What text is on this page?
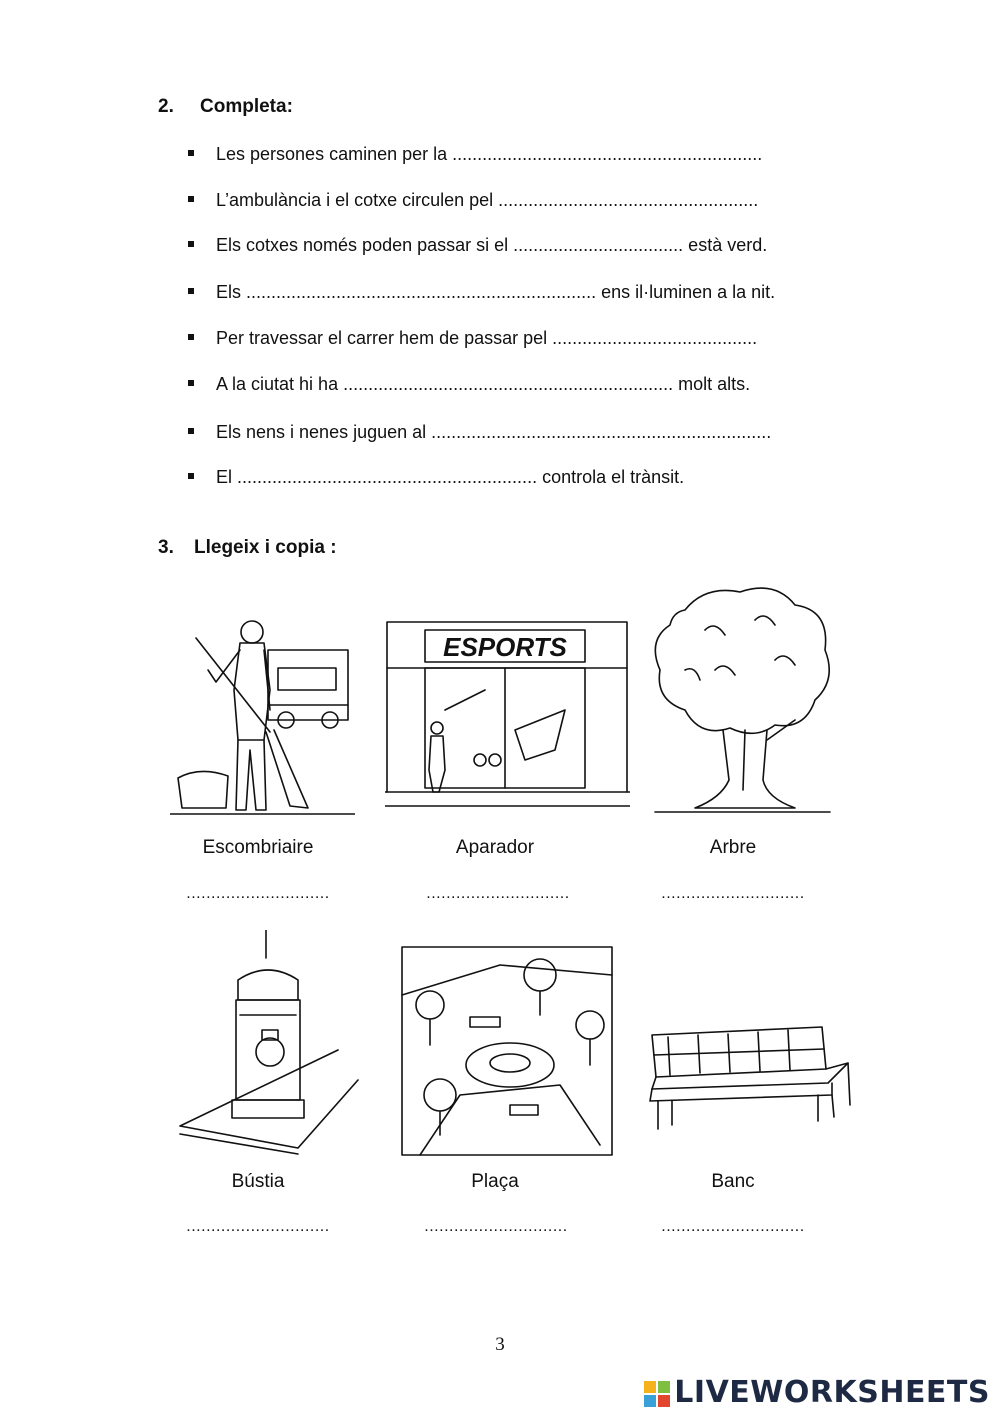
2. Completa:
Les persones caminen per la ..............................................................
L’ambulància i el cotxe circulen pel ....................................................
Els cotxes només poden passar si el .................................. està verd.
Els ...................................................................... ens il·luminen a la nit.
Per travessar el carrer hem de passar pel .........................................
A la ciutat hi ha .................................................................. molt alts.
Els nens i nenes juguen al ....................................................................
El ............................................................ controla el trànsit.
3. Llegeix i copia :
ESPORTS
Escombriaire	Aparador	Arbre
.............................	.............................	.............................
Bústia	Plaça	Banc
.............................	.............................	.............................
3
LIVEWORKSHEETS
